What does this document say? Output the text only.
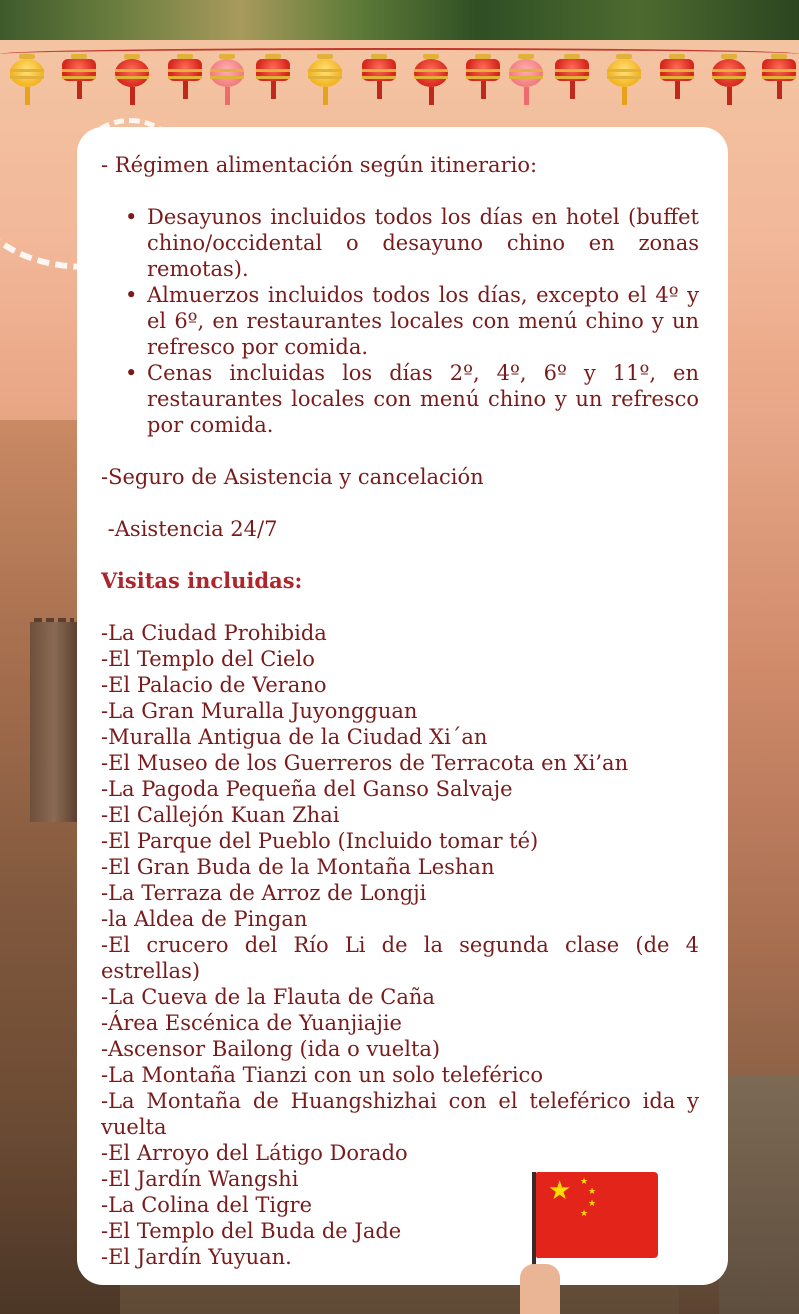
- Régimen alimentación según itinerario:
• Desayunos incluidos todos los días en hotel (buffet chino/occidental o desayuno chino en zonas remotas).
• Almuerzos incluidos todos los días, excepto el 4º y el 6º, en restaurantes locales con menú chino y un refresco por comida.
• Cenas incluidas los días 2º, 4º, 6º y 11º, en restaurantes locales con menú chino y un refresco por comida.
-Seguro de Asistencia y cancelación
-Asistencia 24/7
Visitas incluidas:
-La Ciudad Prohibida
-El Templo del Cielo
-El Palacio de Verano
-La Gran Muralla Juyongguan
-Muralla Antigua de la Ciudad Xi´an
-El Museo de los Guerreros de Terracota en Xi’an
-La Pagoda Pequeña del Ganso Salvaje
-El Callejón Kuan Zhai
-El Parque del Pueblo (Incluido tomar té)
-El Gran Buda de la Montaña Leshan
-La Terraza de Arroz de Longji
-la Aldea de Pingan
-El crucero del Río Li de la segunda clase (de 4 estrellas)
-La Cueva de la Flauta de Caña
-Área Escénica de Yuanjiajie
-Ascensor Bailong (ida o vuelta)
-La Montaña Tianzi con un solo teleférico
-La Montaña de Huangshizhai con el teleférico ida y vuelta
-El Arroyo del Látigo Dorado
-El Jardín Wangshi
-La Colina del Tigre
-El Templo del Buda de Jade
-El Jardín Yuyuan.
★ ★
★
★
★
